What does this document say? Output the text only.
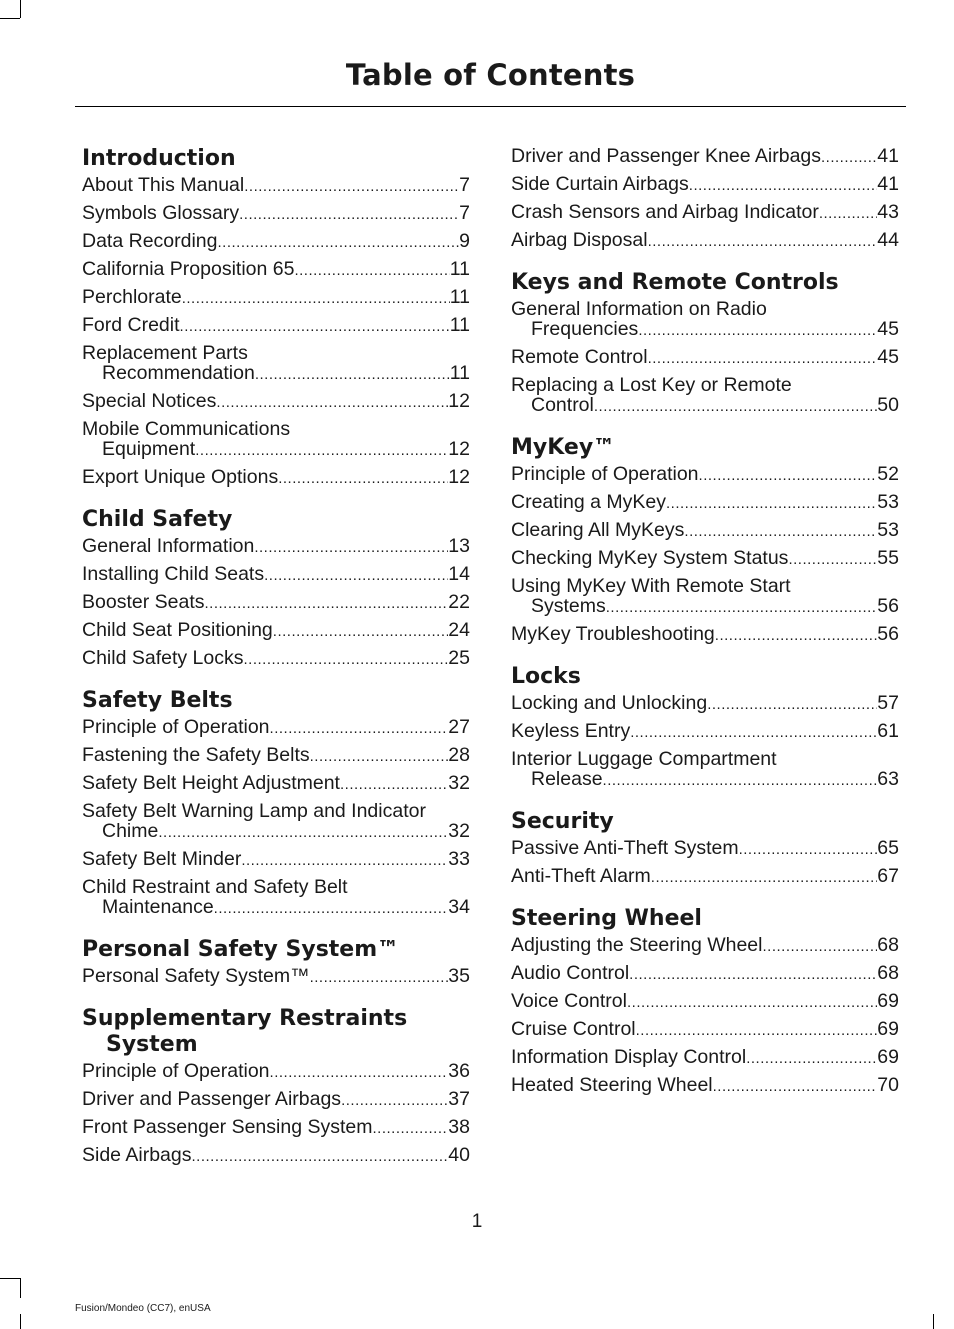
Table of Contents
Introduction
About This Manual .....	7
Symbols Glossary .....	7
Data Recording .....	9
California Proposition 65 .....	11
Perchlorate .....	11
Ford Credit .....	11
Replacement Parts
Recommendation .....	11
Special Notices .....	12
Mobile Communications
Equipment .....	12
Export Unique Options .....	12
Child Safety
General Information .....	13
Installing Child Seats .....	14
Booster Seats .....	22
Child Seat Positioning .....	24
Child Safety Locks .....	25
Safety Belts
Principle of Operation .....	27
Fastening the Safety Belts .....	28
Safety Belt Height Adjustment .....	32
Safety Belt Warning Lamp and Indicator
Chime .....	32
Safety Belt Minder .....	33
Child Restraint and Safety Belt
Maintenance .....	34
Personal Safety System™
Personal Safety System™ .....	35
Supplementary Restraints
System
Principle of Operation .....	36
Driver and Passenger Airbags .....	37
Front Passenger Sensing System .....	38
Side Airbags .....	40
Driver and Passenger Knee Airbags .....	41
Side Curtain Airbags .....	41
Crash Sensors and Airbag Indicator .....	43
Airbag Disposal .....	44
Keys and Remote Controls
General Information on Radio
Frequencies .....	45
Remote Control .....	45
Replacing a Lost Key or Remote
Control .....	50
MyKey™
Principle of Operation .....	52
Creating a MyKey .....	53
Clearing All MyKeys .....	53
Checking MyKey System Status .....	55
Using MyKey With Remote Start
Systems .....	56
MyKey Troubleshooting .....	56
Locks
Locking and Unlocking .....	57
Keyless Entry .....	61
Interior Luggage Compartment
Release .....	63
Security
Passive Anti-Theft System .....	65
Anti-Theft Alarm .....	67
Steering Wheel
Adjusting the Steering Wheel .....	68
Audio Control .....	68
Voice Control .....	69
Cruise Control .....	69
Information Display Control .....	69
Heated Steering Wheel .....	70
1
Fusion/Mondeo (CC7), enUSA
